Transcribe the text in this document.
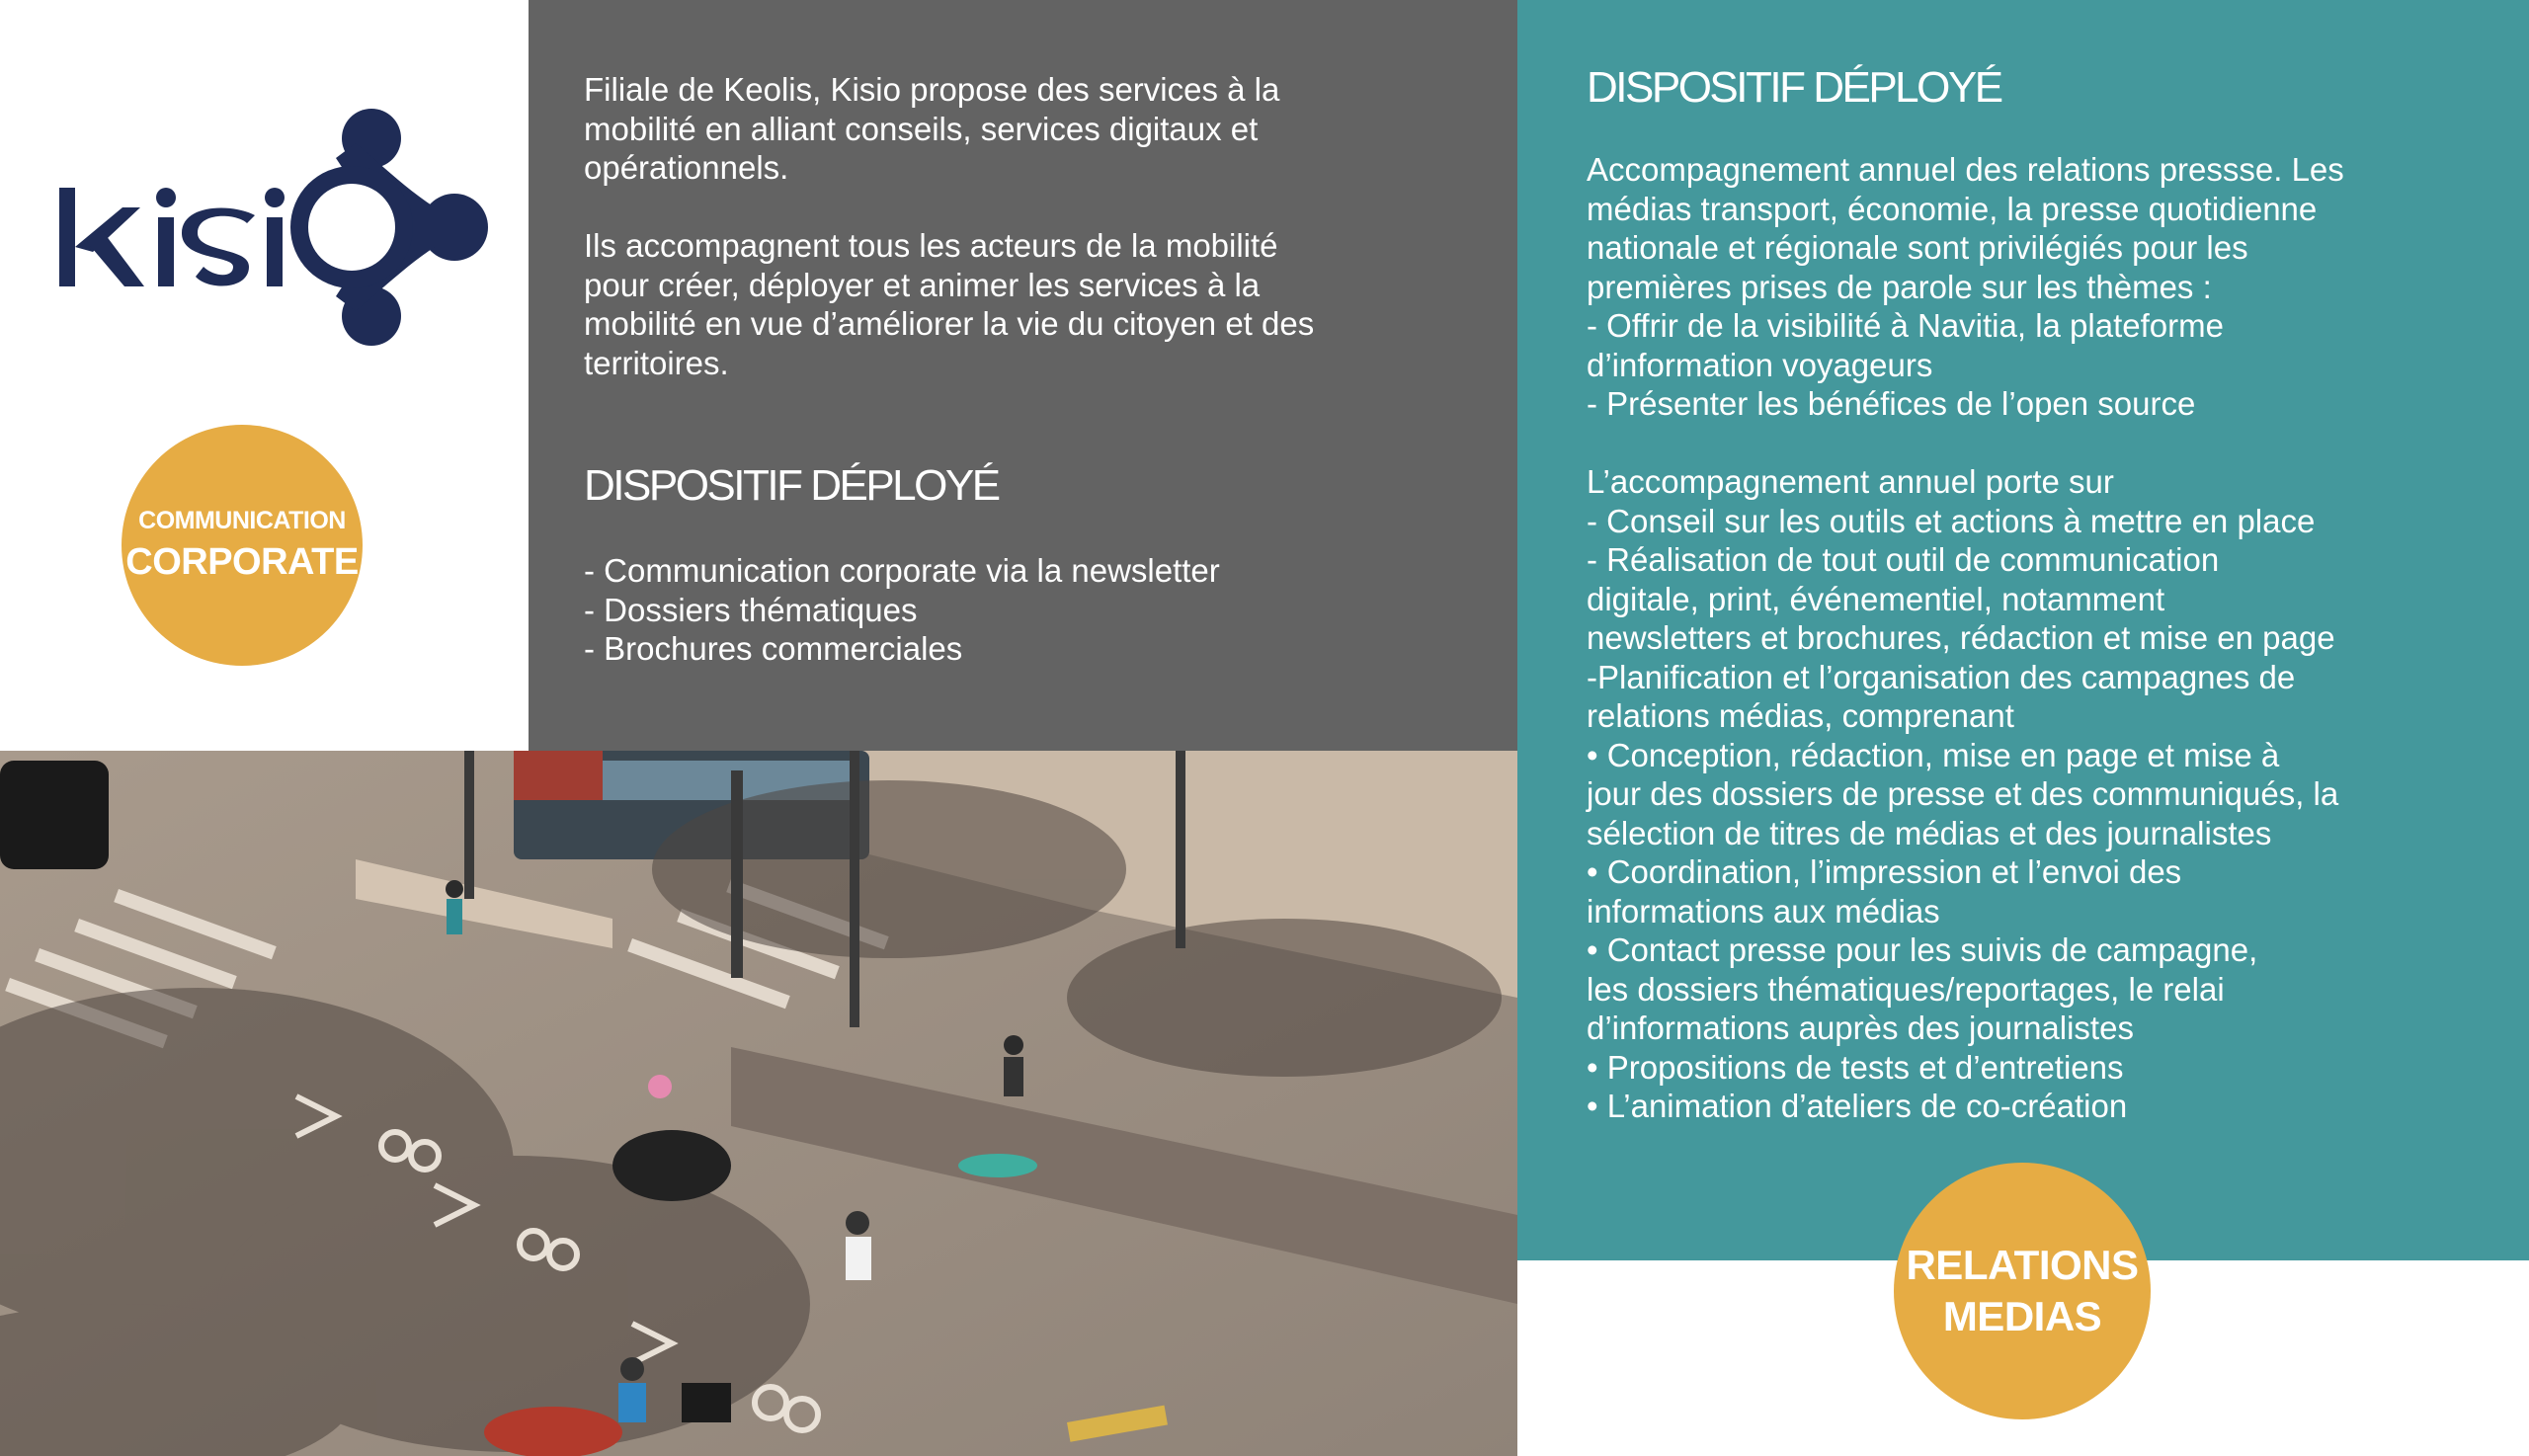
COMMUNICATION
CORPORATE

Filiale de Keolis, Kisio propose des services à la
mobilité en alliant conseils, services digitaux et
opérationnels.

Ils accompagnent tous les acteurs de la mobilité
pour créer, déployer et animer les services à la
mobilité en vue d’améliorer la vie du citoyen et des
territoires.

DISPOSITIF DÉPLOYÉ

- Communication corporate via la newsletter
- Dossiers thématiques
- Brochures commerciales

DISPOSITIF DÉPLOYÉ

Accompagnement annuel des relations pressse. Les
médias transport, économie, la presse quotidienne
nationale et régionale sont privilégiés pour les
premières prises de parole sur les thèmes :
- Offrir de la visibilité à Navitia, la plateforme
d’information voyageurs
- Présenter les bénéfices de l’open source

L’accompagnement annuel porte sur
- Conseil sur les outils et actions à mettre en place
- Réalisation de tout outil de communication
digitale, print, événementiel, notamment
newsletters et brochures, rédaction et mise en page
-Planification et l’organisation des campagnes de
relations médias, comprenant
• Conception, rédaction, mise en page et mise à
jour des dossiers de presse et des communiqués, la
sélection de titres de médias et des journalistes
• Coordination, l’impression et l’envoi des
informations aux médias
• Contact presse pour les suivis de campagne,
les dossiers thématiques/reportages, le relai
d’informations auprès des journalistes
• Propositions de tests et d’entretiens
• L’animation d’ateliers de co-création

RELATIONS
MEDIAS
